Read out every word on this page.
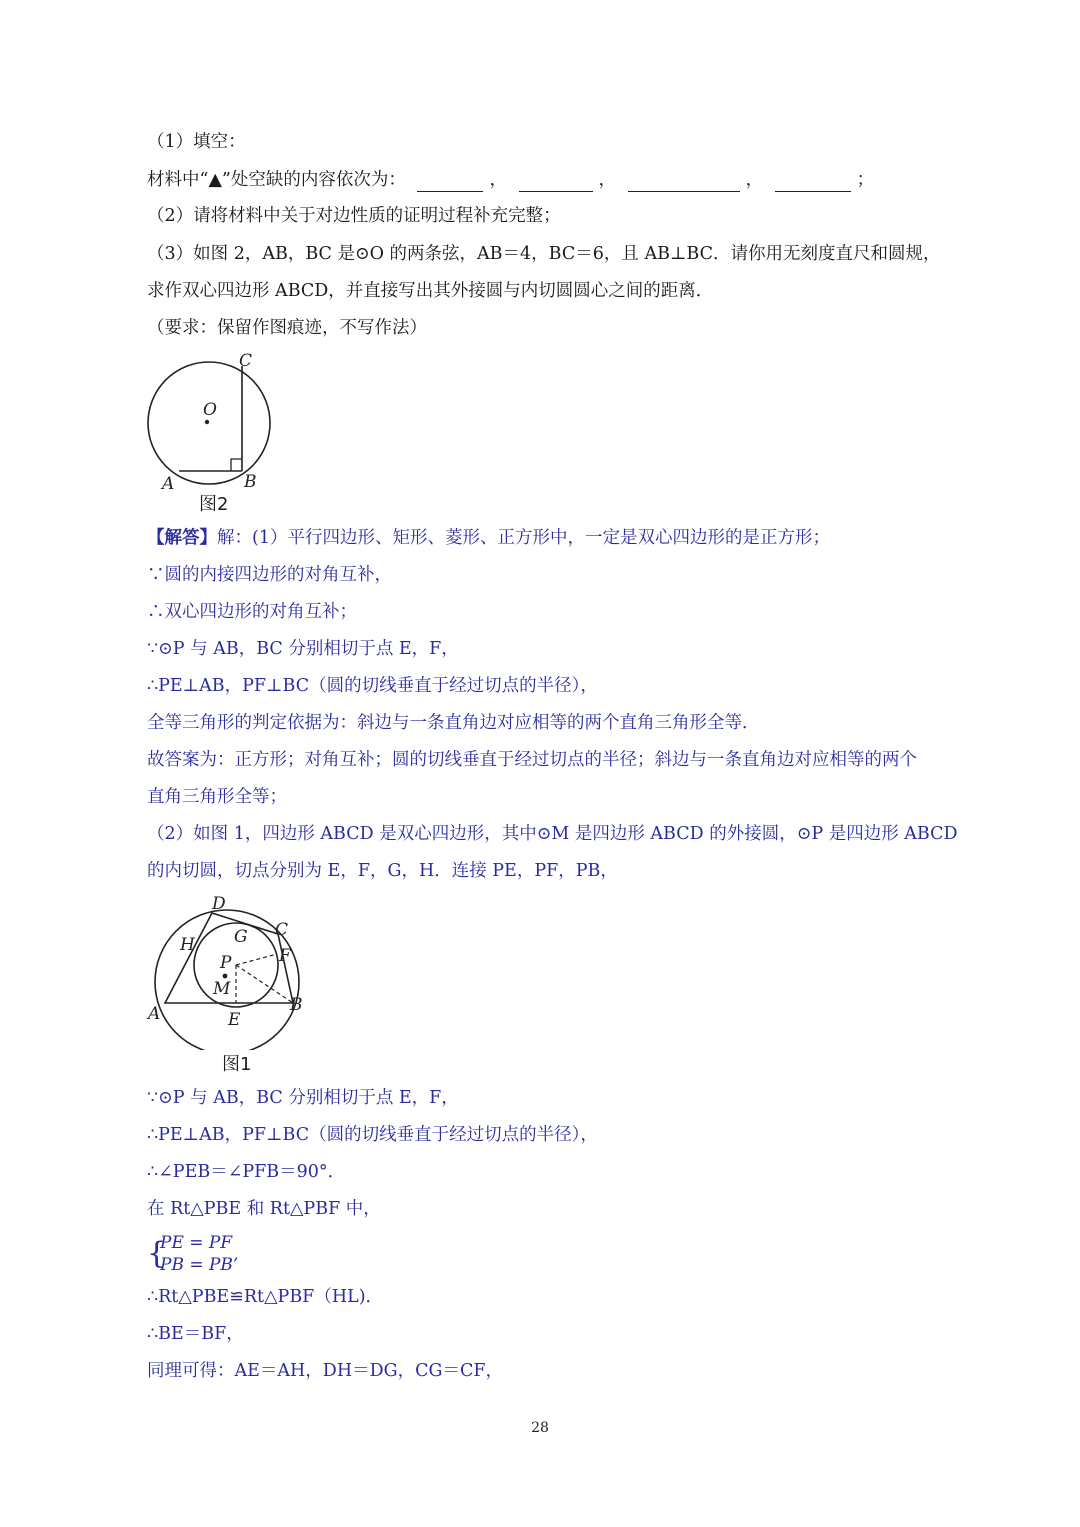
（1）填空：
材料中“▲”处空缺的内容依次为：	，	，	，	；
（2）请将材料中关于对边性质的证明过程补充完整；
（3）如图 2，AB，BC 是⊙O 的两条弦，AB＝4，BC＝6，且 AB⊥BC．请你用无刻度直尺和圆规，
求作双心四边形 ABCD，并直接写出其外接圆与内切圆圆心之间的距离．
（要求：保留作图痕迹，不写作法）
C
O
A	B
图2
【解答】解：(1）平行四边形、矩形、菱形、正方形中，一定是双心四边形的是正方形；
∵圆的内接四边形的对角互补，
∴双心四边形的对角互补；
∵⊙P 与 AB，BC 分别相切于点 E，F，
∴PE⊥AB，PF⊥BC（圆的切线垂直于经过切点的半径），
全等三角形的判定依据为：斜边与一条直角边对应相等的两个直角三角形全等．
故答案为：正方形；对角互补；圆的切线垂直于经过切点的半径；斜边与一条直角边对应相等的两个
直角三角形全等；
（2）如图 1，四边形 ABCD 是双心四边形，其中⊙M 是四边形 ABCD 的外接圆，⊙P 是四边形 ABCD
的内切圆，切点分别为 E，F，G，H．连接 PE，PF，PB，
D
C
G
H
F
P
M
A	B
E
图1
∵⊙P 与 AB，BC 分别相切于点 E，F，
∴PE⊥AB，PF⊥BC（圆的切线垂直于经过切点的半径），
∴∠PEB＝∠PFB＝90°．
在 Rt△PBE 和 Rt△PBF 中，
{
PE = PF
PB = PB’
∴Rt△PBE≌Rt△PBF（HL)．
∴BE＝BF，
同理可得：AE＝AH，DH＝DG，CG＝CF，
28
